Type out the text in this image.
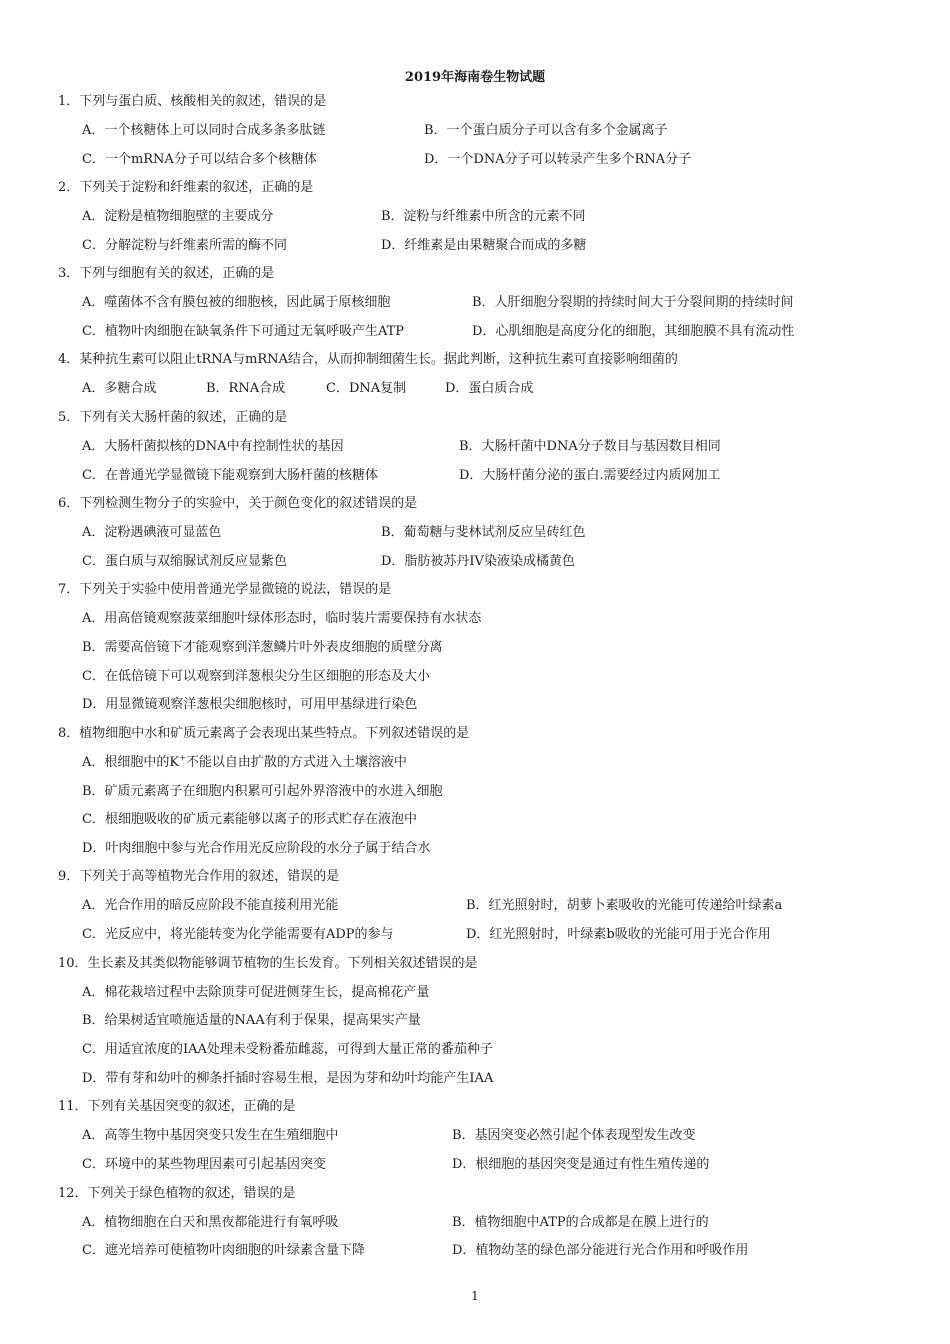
2019年海南卷生物试题
1．下列与蛋白质、核酸相关的叙述，错误的是
A．一个核糖体上可以同时合成多条多肽链	B．一个蛋白质分子可以含有多个金属离子
C．一个mRNA分子可以结合多个核糖体	D．一个DNA分子可以转录产生多个RNA分子
2．下列关于淀粉和纤维素的叙述，正确的是
A．淀粉是植物细胞壁的主要成分	B．淀粉与纤维素中所含的元素不同
C．分解淀粉与纤维素所需的酶不同	D．纤维素是由果糖聚合而成的多糖
3．下列与细胞有关的叙述，正确的是
A．噬菌体不含有膜包被的细胞核，因此属于原核细胞	B．人肝细胞分裂期的持续时间大于分裂间期的持续时间
C．植物叶肉细胞在缺氧条件下可通过无氧呼吸产生ATP	D．心肌细胞是高度分化的细胞，其细胞膜不具有流动性
4．某种抗生素可以阻止tRNA与mRNA结合，从而抑制细菌生长。据此判断，这种抗生素可直接影响细菌的
A．多糖合成	B．RNA合成	C．DNA复制	D．蛋白质合成
5．下列有关大肠杆菌的叙述，正确的是
A．大肠杆菌拟核的DNA中有控制性状的基因	B．大肠杆菌中DNA分子数目与基因数目相同
C．在普通光学显微镜下能观察到大肠杆菌的核糖体	D．大肠杆菌分泌的蛋白.需要经过内质网加工
6．下列检测生物分子的实验中，关于颜色变化的叙述错误的是
A．淀粉遇碘液可显蓝色	B．葡萄糖与斐林试剂反应呈砖红色
C．蛋白质与双缩脲试剂反应显紫色	D．脂肪被苏丹IV染液染成橘黄色
7．下列关于实验中使用普通光学显微镜的说法，错误的是
A．用高倍镜观察菠菜细胞叶绿体形态时，临时装片需要保持有水状态
B．需要高倍镜下才能观察到洋葱鳞片叶外表皮细胞的质壁分离
C．在低倍镜下可以观察到洋葱根尖分生区细胞的形态及大小
D．用显微镜观察洋葱根尖细胞核时，可用甲基绿进行染色
8．植物细胞中水和矿质元素离子会表现出某些特点。下列叙述错误的是
A．根细胞中的K+不能以自由扩散的方式进入土壤溶液中
B．矿质元素离子在细胞内积累可引起外界溶液中的水进入细胞
C．根细胞吸收的矿质元素能够以离子的形式贮存在液泡中
D．叶肉细胞中参与光合作用光反应阶段的水分子属于结合水
9．下列关于高等植物光合作用的叙述，错误的是
A．光合作用的暗反应阶段不能直接利用光能	B．红光照射时，胡萝卜素吸收的光能可传递给叶绿素a
C．光反应中，将光能转变为化学能需要有ADP的参与	D．红光照射时，叶绿素b吸收的光能可用于光合作用
10．生长素及其类似物能够调节植物的生长发育。下列相关叙述错误的是
A．棉花栽培过程中去除顶芽可促进侧芽生长，提高棉花产量
B．给果树适宜喷施适量的NAA有利于保果，提高果实产量
C．用适宜浓度的IAA处理未受粉番茄雌蕊，可得到大量正常的番茄种子
D．带有芽和幼叶的柳条扦插时容易生根，是因为芽和幼叶均能产生IAA
11．下列有关基因突变的叙述，正确的是
A．高等生物中基因突变只发生在生殖细胞中	B．基因突变必然引起个体表现型发生改变
C．环境中的某些物理因素可引起基因突变	D．根细胞的基因突变是通过有性生殖传递的
12．下列关于绿色植物的叙述，错误的是
A．植物细胞在白天和黑夜都能进行有氧呼吸	B．植物细胞中ATP的合成都是在膜上进行的
C．遮光培养可使植物叶肉细胞的叶绿素含量下降	D．植物幼茎的绿色部分能进行光合作用和呼吸作用
1
